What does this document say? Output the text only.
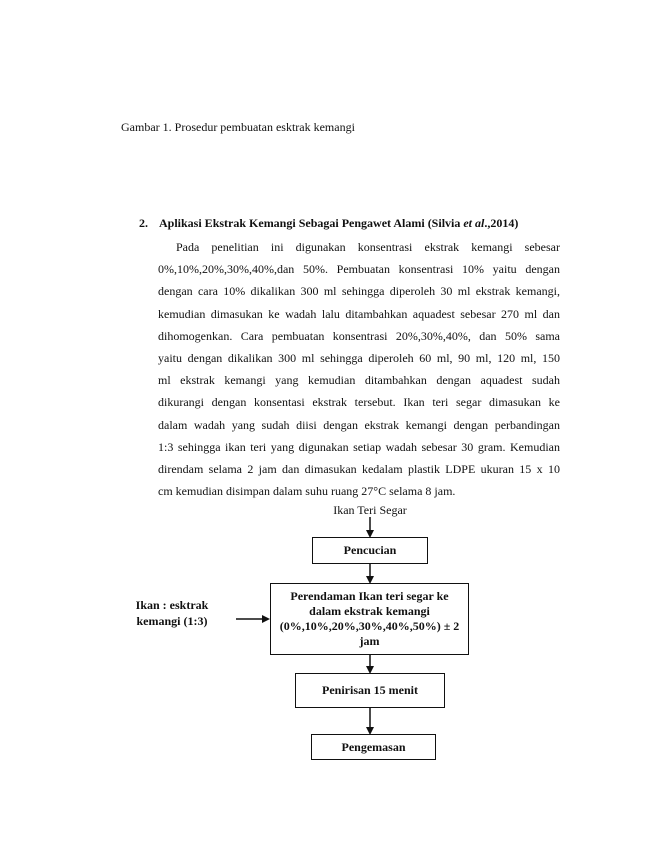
Gambar 1. Prosedur pembuatan esktrak kemangi
2. Aplikasi Ekstrak Kemangi Sebagai Pengawet Alami (Silvia et al.,2014)
Pada penelitian ini digunakan konsentrasi ekstrak kemangi sebesar
0%,10%,20%,30%,40%,dan 50%. Pembuatan konsentrasi 10% yaitu dengan
dengan cara 10% dikalikan 300 ml sehingga diperoleh 30 ml ekstrak kemangi,
kemudian dimasukan ke wadah lalu ditambahkan aquadest sebesar 270 ml dan
dihomogenkan. Cara pembuatan konsentrasi 20%,30%,40%, dan 50% sama
yaitu dengan dikalikan 300 ml sehingga diperoleh 60 ml, 90 ml, 120 ml, 150
ml ekstrak kemangi yang kemudian ditambahkan dengan aquadest sudah
dikurangi dengan konsentasi ekstrak tersebut. Ikan teri segar dimasukan ke
dalam wadah yang sudah diisi dengan ekstrak kemangi dengan perbandingan
1:3 sehingga ikan teri yang digunakan setiap wadah sebesar 30 gram. Kemudian
direndam selama 2 jam dan dimasukan kedalam plastik LDPE ukuran 15 x 10
cm kemudian disimpan dalam suhu ruang 27°C selama 8 jam.
Ikan Teri Segar
Pencucian
Perendaman Ikan teri segar ke dalam ekstrak kemangi (0%,10%,20%,30%,40%,50%) ± 2 jam
Ikan : esktrak kemangi (1:3)
Penirisan 15 menit
Pengemasan
